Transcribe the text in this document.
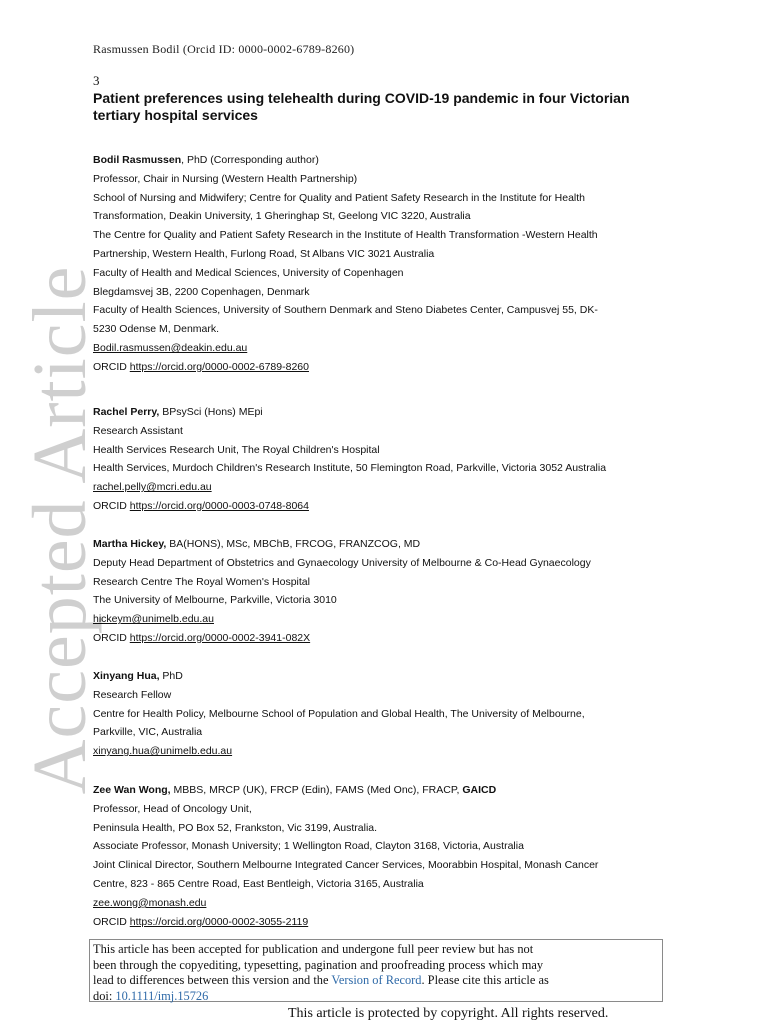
Accepted Article
Rasmussen Bodil (Orcid ID: 0000-0002-6789-8260)
3
Patient preferences using telehealth during COVID-19 pandemic in four Victorian tertiary hospital services
Bodil Rasmussen, PhD (Corresponding author)
Professor, Chair in Nursing (Western Health Partnership)
School of Nursing and Midwifery; Centre for Quality and Patient Safety Research in the Institute for Health
Transformation, Deakin University, 1 Gheringhap St, Geelong VIC 3220, Australia
The Centre for Quality and Patient Safety Research in the Institute of Health Transformation -Western Health
Partnership, Western Health, Furlong Road, St Albans VIC 3021 Australia
Faculty of Health and Medical Sciences, University of Copenhagen
Blegdamsvej 3B, 2200 Copenhagen, Denmark
Faculty of Health Sciences, University of Southern Denmark and Steno Diabetes Center, Campusvej 55, DK-
5230 Odense M, Denmark.
Bodil.rasmussen@deakin.edu.au
ORCID https://orcid.org/0000-0002-6789-8260
Rachel Perry, BPsySci (Hons) MEpi
Research Assistant
Health Services Research Unit, The Royal Children's Hospital
Health Services, Murdoch Children's Research Institute, 50 Flemington Road, Parkville, Victoria 3052 Australia
rachel.pelly@mcri.edu.au
ORCID https://orcid.org/0000-0003-0748-8064
Martha Hickey, BA(HONS), MSc, MBChB, FRCOG, FRANZCOG, MD
Deputy Head Department of Obstetrics and Gynaecology University of Melbourne & Co-Head Gynaecology
Research Centre The Royal Women's Hospital
The University of Melbourne, Parkville, Victoria 3010
hickeym@unimelb.edu.au
ORCID https://orcid.org/0000-0002-3941-082X
Xinyang Hua, PhD
Research Fellow
Centre for Health Policy, Melbourne School of Population and Global Health, The University of Melbourne,
Parkville, VIC, Australia
xinyang.hua@unimelb.edu.au
Zee Wan Wong, MBBS, MRCP (UK), FRCP (Edin), FAMS (Med Onc), FRACP, GAICD
Professor, Head of Oncology Unit,
Peninsula Health, PO Box 52, Frankston, Vic 3199, Australia.
Associate Professor, Monash University; 1 Wellington Road, Clayton 3168, Victoria, Australia
Joint Clinical Director, Southern Melbourne Integrated Cancer Services, Moorabbin Hospital, Monash Cancer
Centre, 823 - 865 Centre Road, East Bentleigh, Victoria 3165, Australia
zee.wong@monash.edu
ORCID https://orcid.org/0000-0002-3055-2119
This article has been accepted for publication and undergone full peer review but has not
been through the copyediting, typesetting, pagination and proofreading process which may
lead to differences between this version and the Version of Record. Please cite this article as
doi: 10.1111/imj.15726
This article is protected by copyright. All rights reserved.
